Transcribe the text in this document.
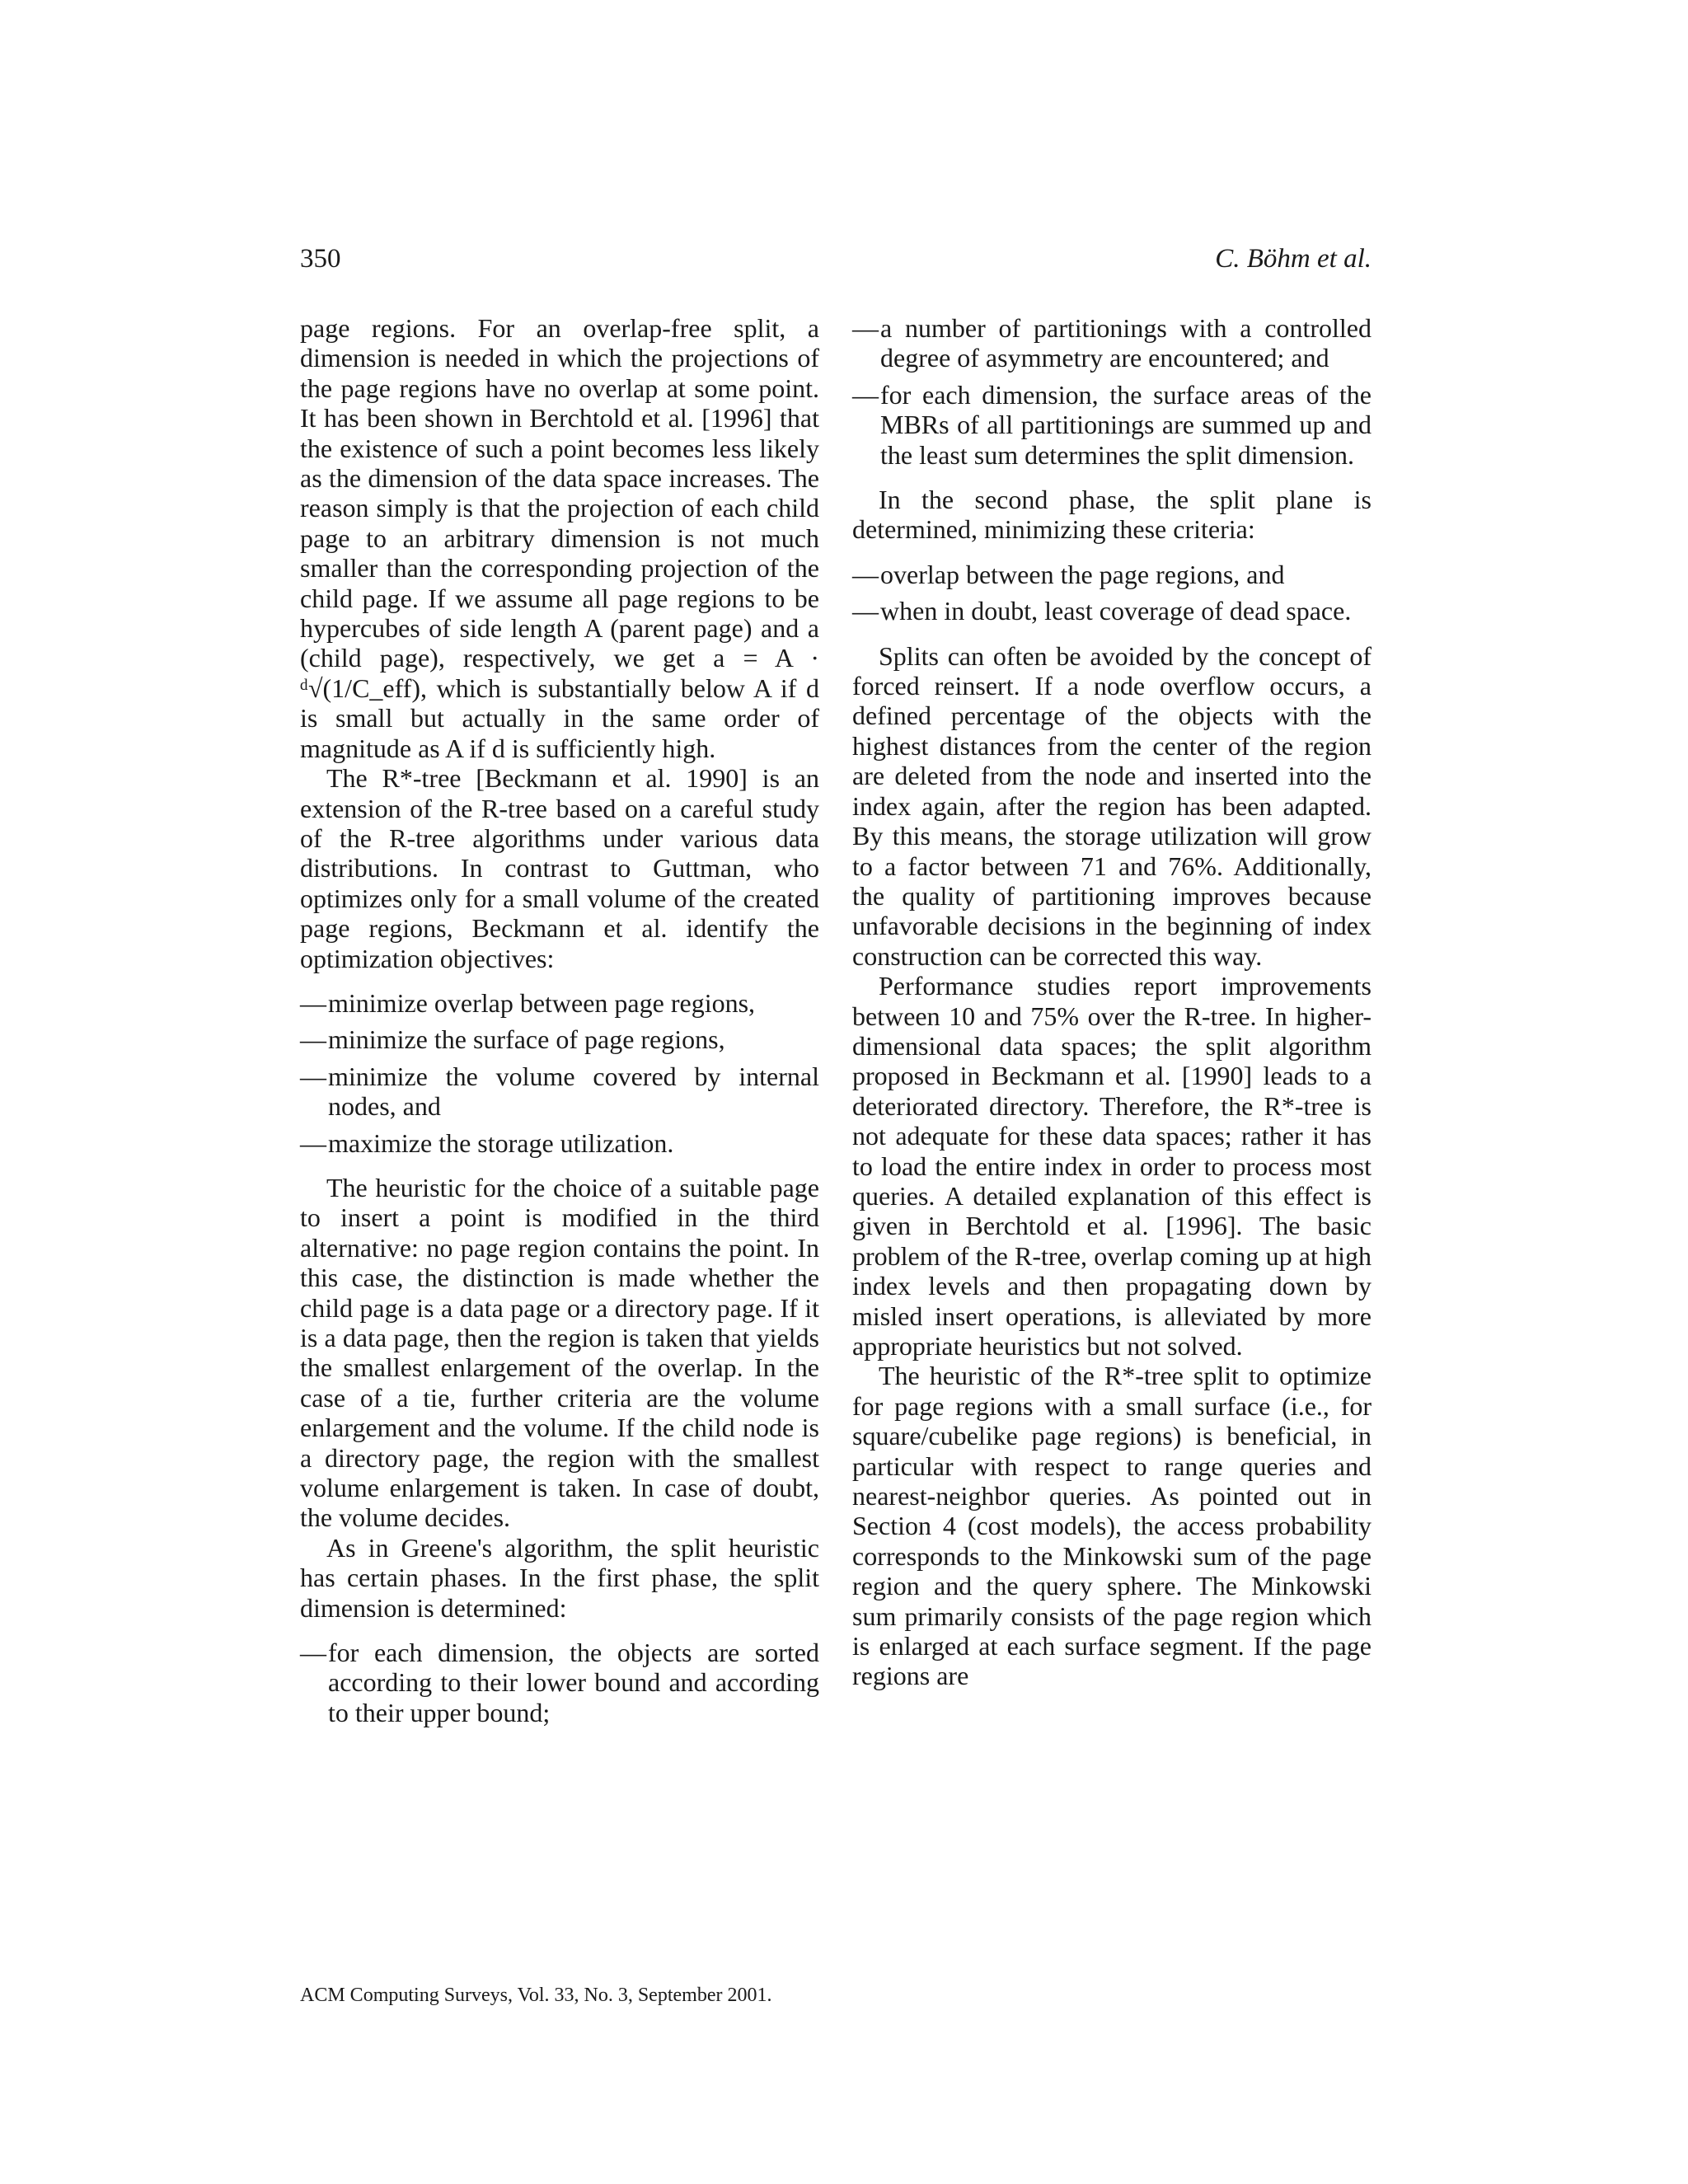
350	C. Böhm et al.

page regions. For an overlap-free split, a dimension is needed in which the projections of the page regions have no overlap at some point. It has been shown in Berchtold et al. [1996] that the existence of such a point becomes less likely as the dimension of the data space increases. The reason simply is that the projection of each child page to an arbitrary dimension is not much smaller than the corresponding projection of the child page. If we assume all page regions to be hypercubes of side length A (parent page) and a (child page), respectively, we get a = A · ᵈ√(1/C_eff), which is substantially below A if d is small but actually in the same order of magnitude as A if d is sufficiently high.

The R*-tree [Beckmann et al. 1990] is an extension of the R-tree based on a careful study of the R-tree algorithms under various data distributions. In contrast to Guttman, who optimizes only for a small volume of the created page regions, Beckmann et al. identify the optimization objectives:

— minimize overlap between page regions,
— minimize the surface of page regions,
— minimize the volume covered by internal nodes, and
— maximize the storage utilization.

The heuristic for the choice of a suitable page to insert a point is modified in the third alternative: no page region contains the point. In this case, the distinction is made whether the child page is a data page or a directory page. If it is a data page, then the region is taken that yields the smallest enlargement of the overlap. In the case of a tie, further criteria are the volume enlargement and the volume. If the child node is a directory page, the region with the smallest volume enlargement is taken. In case of doubt, the volume decides.

As in Greene's algorithm, the split heuristic has certain phases. In the first phase, the split dimension is determined:

— for each dimension, the objects are sorted according to their lower bound and according to their upper bound;
— a number of partitionings with a controlled degree of asymmetry are encountered; and
— for each dimension, the surface areas of the MBRs of all partitionings are summed up and the least sum determines the split dimension.

In the second phase, the split plane is determined, minimizing these criteria:

— overlap between the page regions, and
— when in doubt, least coverage of dead space.

Splits can often be avoided by the concept of forced reinsert. If a node overflow occurs, a defined percentage of the objects with the highest distances from the center of the region are deleted from the node and inserted into the index again, after the region has been adapted. By this means, the storage utilization will grow to a factor between 71 and 76%. Additionally, the quality of partitioning improves because unfavorable decisions in the beginning of index construction can be corrected this way.

Performance studies report improvements between 10 and 75% over the R-tree. In higher-dimensional data spaces; the split algorithm proposed in Beckmann et al. [1990] leads to a deteriorated directory. Therefore, the R*-tree is not adequate for these data spaces; rather it has to load the entire index in order to process most queries. A detailed explanation of this effect is given in Berchtold et al. [1996]. The basic problem of the R-tree, overlap coming up at high index levels and then propagating down by misled insert operations, is alleviated by more appropriate heuristics but not solved.

The heuristic of the R*-tree split to optimize for page regions with a small surface (i.e., for square/cubelike page regions) is beneficial, in particular with respect to range queries and nearest-neighbor queries. As pointed out in Section 4 (cost models), the access probability corresponds to the Minkowski sum of the page region and the query sphere. The Minkowski sum primarily consists of the page region which is enlarged at each surface segment. If the page regions are

ACM Computing Surveys, Vol. 33, No. 3, September 2001.
